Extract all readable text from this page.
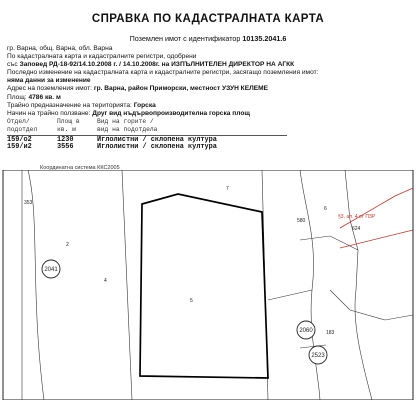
СПРАВКА ПО КАДАСТРАЛНАТА КАРТА
Поземлен имот с идентификатор 10135.2041.6
гр. Варна, общ. Варна, обл. Варна
По кадастралната карта и кадастралните регистри, одобрени
със Заповед РД-18-92/14.10.2008 г. / 14.10.2008г. на ИЗПЪЛНИТЕЛЕН ДИРЕКТОР НА АГКК
Последно изменение на кадастралната карта и кадастралните регистри, засягащо поземления имот:
няма данни за изменение
Адрес на поземления имот: гр. Варна, район Приморски, местност УЗУН КЕЛЕМЕ
Площ: 4786 кв. м
Трайно предназначение на територията: Горска
Начин на трайно ползване: Друг вид нъдървопроизводителна горска площ
Отдел/	Площ в	Вид на горите /
подотдел	кв. м	вид на подотдела
159/о2	1230	Иглолистни / склопена култура
159/и2	3556	Иглолистни / склопена култура
Координатна система ККС2005
353
2
4
5
7
6
580
624
183
§3, ал. 4 от ПЗР
2041
2060
2523
